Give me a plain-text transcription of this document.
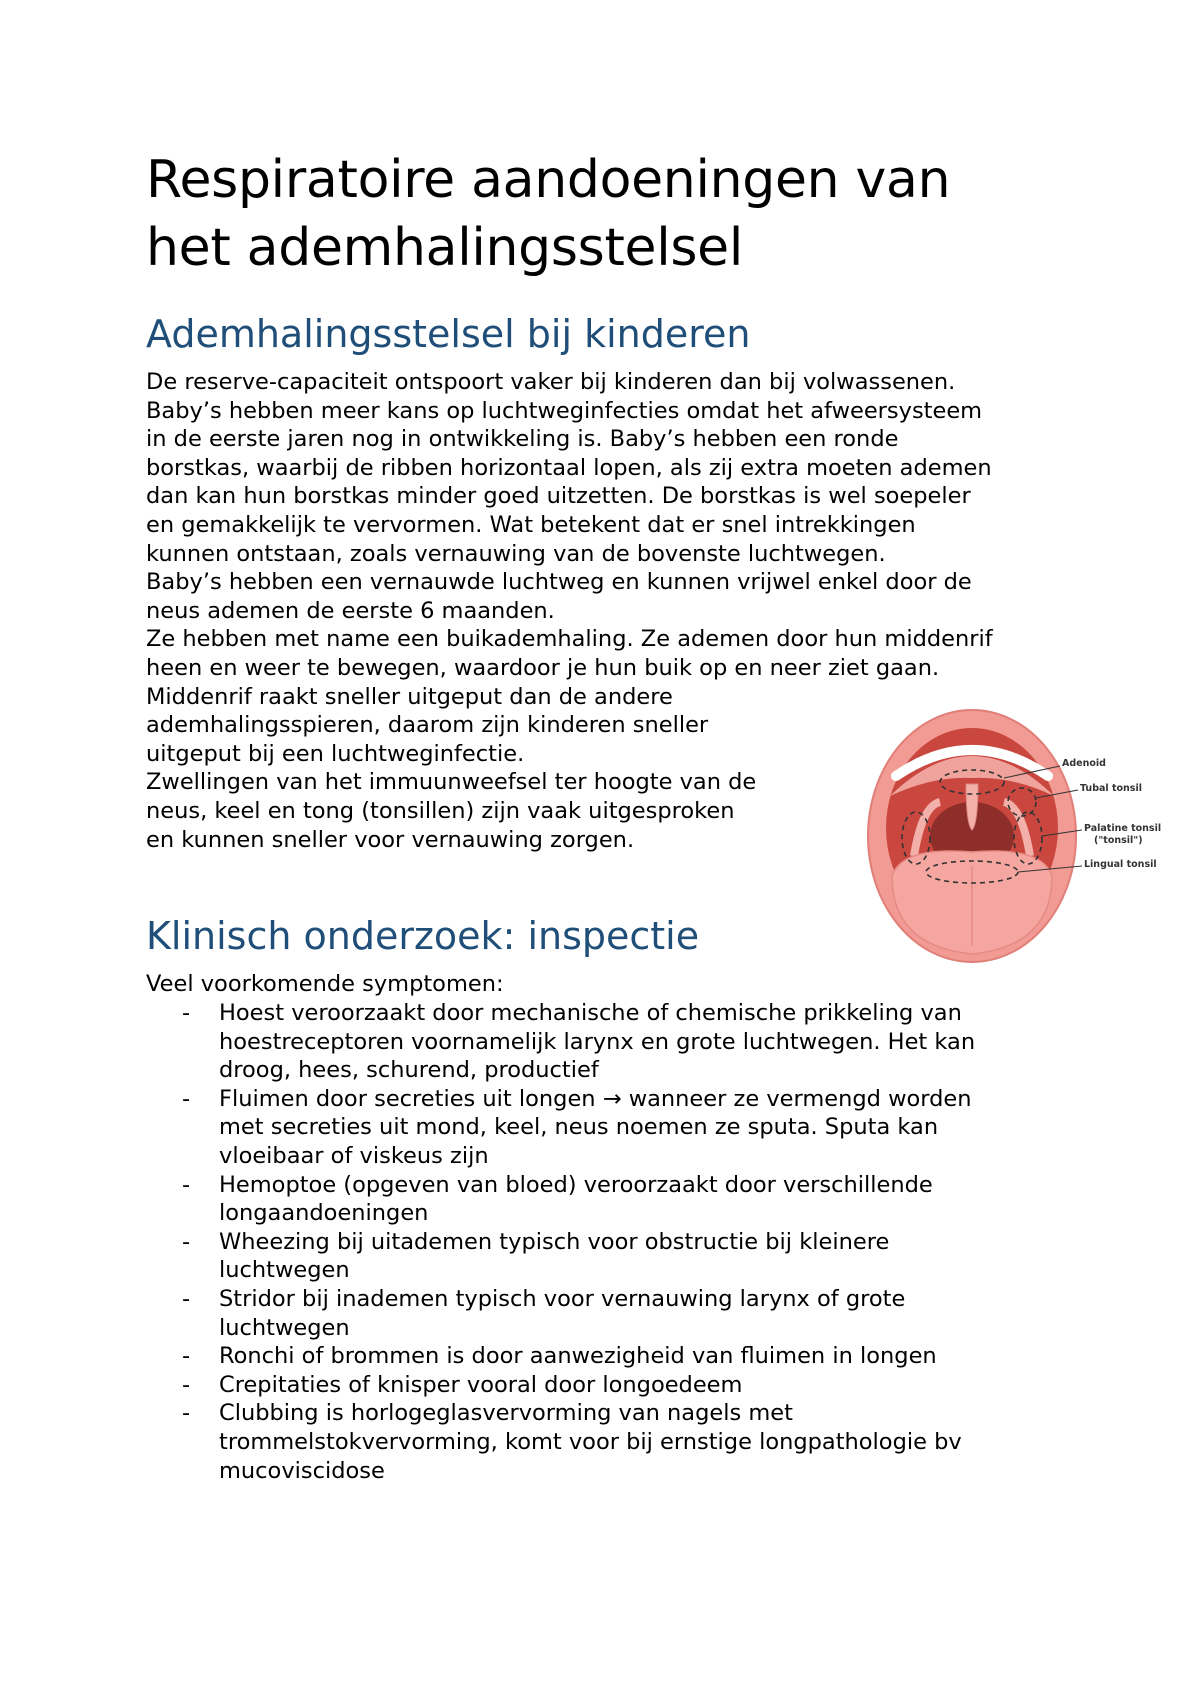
Respiratoire aandoeningen van
het ademhalingsstelsel
Ademhalingsstelsel bij kinderen

De reserve-capaciteit ontspoort vaker bij kinderen dan bij volwassenen.
Baby’s hebben meer kans op luchtweginfecties omdat het afweersysteem
in de eerste jaren nog in ontwikkeling is. Baby’s hebben een ronde
borstkas, waarbij de ribben horizontaal lopen, als zij extra moeten ademen
dan kan hun borstkas minder goed uitzetten. De borstkas is wel soepeler
en gemakkelijk te vervormen. Wat betekent dat er snel intrekkingen
kunnen ontstaan, zoals vernauwing van de bovenste luchtwegen.
Baby’s hebben een vernauwde luchtweg en kunnen vrijwel enkel door de
neus ademen de eerste 6 maanden.
Ze hebben met name een buikademhaling. Ze ademen door hun middenrif
heen en weer te bewegen, waardoor je hun buik op en neer ziet gaan.
Middenrif raakt sneller uitgeput dan de andere
ademhalingsspieren, daarom zijn kinderen sneller
uitgeput bij een luchtweginfectie.
Zwellingen van het immuunweefsel ter hoogte van de
neus, keel en tong (tonsillen) zijn vaak uitgesproken
en kunnen sneller voor vernauwing zorgen.

Adenoid
Tubal tonsil
Palatine tonsil
("tonsil")
Lingual tonsil
Klinisch onderzoek: inspectie

Veel voorkomende symptomen:

- Hoest veroorzaakt door mechanische of chemische prikkeling van
hoestreceptoren voornamelijk larynx en grote luchtwegen. Het kan
droog, hees, schurend, productief
- Fluimen door secreties uit longen → wanneer ze vermengd worden
met secreties uit mond, keel, neus noemen ze sputa. Sputa kan
vloeibaar of viskeus zijn
- Hemoptoe (opgeven van bloed) veroorzaakt door verschillende
longaandoeningen
- Wheezing bij uitademen typisch voor obstructie bij kleinere
luchtwegen
- Stridor bij inademen typisch voor vernauwing larynx of grote
luchtwegen
- Ronchi of brommen is door aanwezigheid van fluimen in longen
- Crepitaties of knisper vooral door longoedeem
- Clubbing is horlogeglasvervorming van nagels met
trommelstokvervorming, komt voor bij ernstige longpathologie bv
mucoviscidose
